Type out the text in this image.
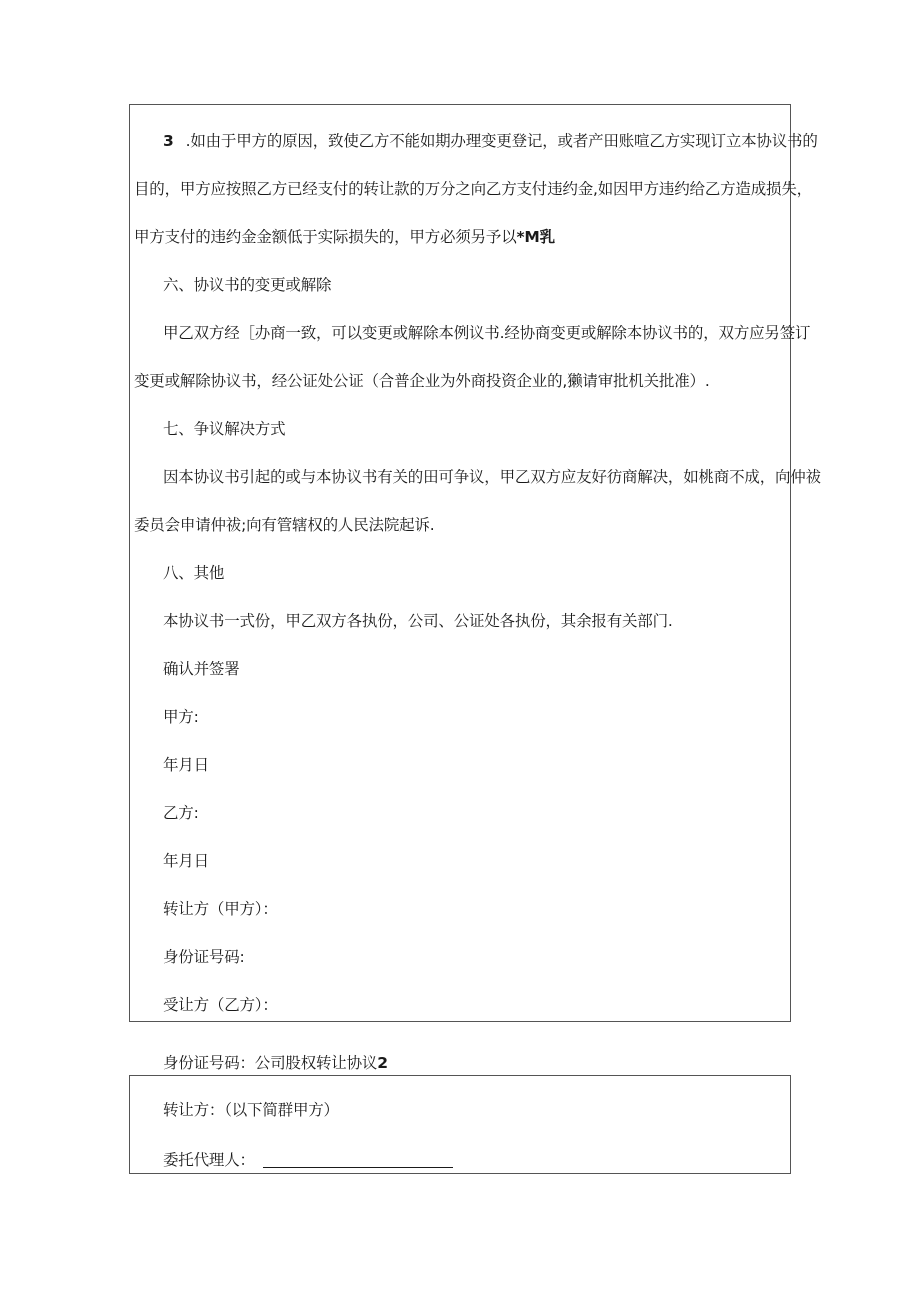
3 .如由于甲方的原因，致使乙方不能如期办理变更登记，或者产田账喧乙方实现订立本协议书的
目的，甲方应按照乙方已经支付的转让款的万分之向乙方支付违约金,如因甲方违约给乙方造成损失，
甲方支付的违约金金额低于实际损失的，甲方必须另予以*M乳
六、协议书的变更或解除
甲乙双方经［办商一致，可以变更或解除本例议书.经协商变更或解除本协议书的，双方应另签订
变更或解除协议书，经公证处公证（合普企业为外商投资企业的,獭请审批机关批准）.
七、争议解决方式
因本协议书引起的或与本协议书有关的田可争议，甲乙双方应友好彷商解决，如桃商不成，向仲祓
委员会申请仲祓;向有管辖权的人民法院起诉.
八、其他
本协议书一式份，甲乙双方各执份，公司、公证处各执份，其余报有关部门.
确认并签署
甲方:
年月日
乙方:
年月日
转让方（甲方）：
身份证号码:
受让方（乙方）：
身份证号码：公司股权转让协议2
转让方：（以下简群甲方）
委托代理人：
